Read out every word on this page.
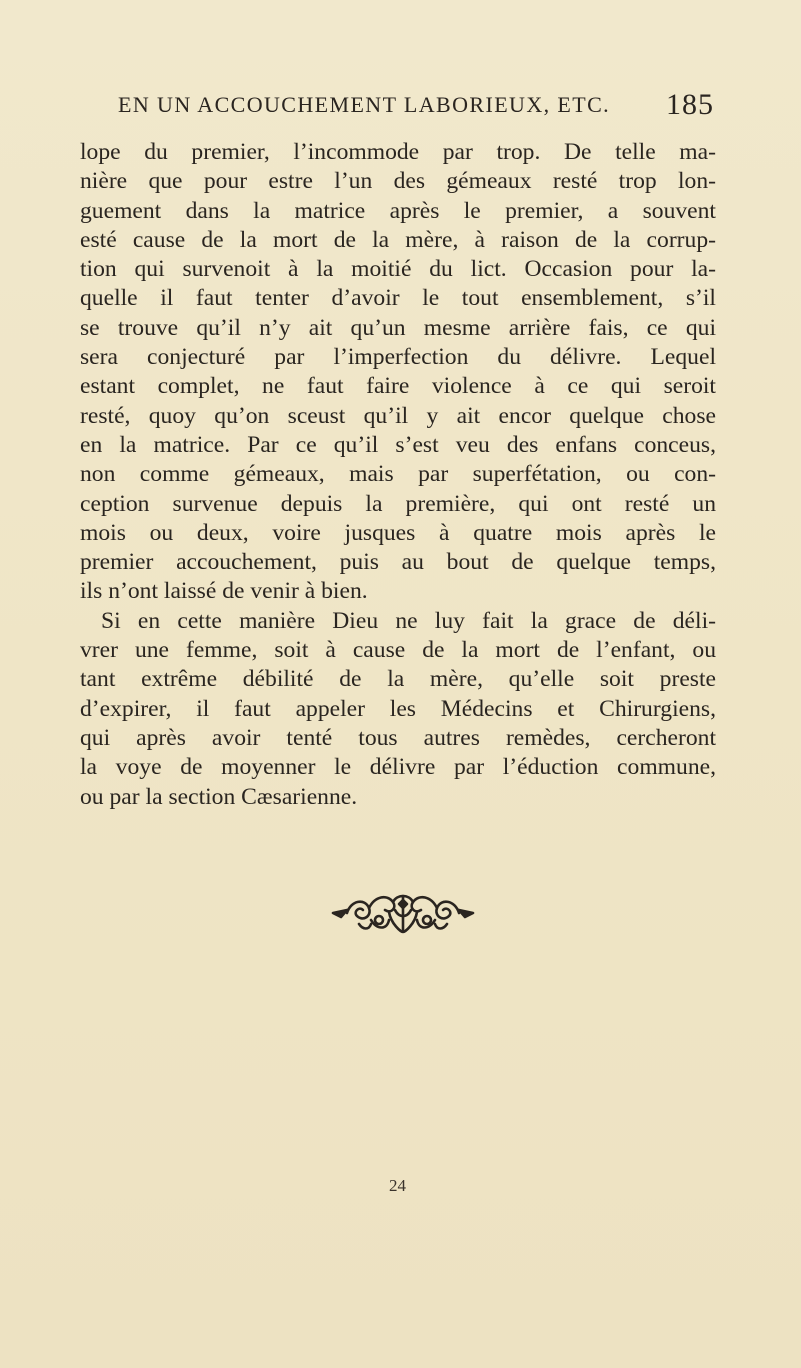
EN UN ACCOUCHEMENT LABORIEUX, ETC. 185
lope du premier, l’incommode par trop. De telle ma-
nière que pour estre l’un des gémeaux resté trop lon-
guement dans la matrice après le premier, a souvent
esté cause de la mort de la mère, à raison de la corrup-
tion qui survenoit à la moitié du lict. Occasion pour la-
quelle il faut tenter d’avoir le tout ensemblement, s’il
se trouve qu’il n’y ait qu’un mesme arrière fais, ce qui
sera conjecturé par l’imperfection du délivre. Lequel
estant complet, ne faut faire violence à ce qui seroit
resté, quoy qu’on sceust qu’il y ait encor quelque chose
en la matrice. Par ce qu’il s’est veu des enfans conceus,
non comme gémeaux, mais par superfétation, ou con-
ception survenue depuis la première, qui ont resté un
mois ou deux, voire jusques à quatre mois après le
premier accouchement, puis au bout de quelque temps,
ils n’ont laissé de venir à bien.
Si en cette manière Dieu ne luy fait la grace de déli-
vrer une femme, soit à cause de la mort de l’enfant, ou
tant extrême débilité de la mère, qu’elle soit preste
d’expirer, il faut appeler les Médecins et Chirurgiens,
qui après avoir tenté tous autres remèdes, cercheront
la voye de moyenner le délivre par l’éduction commune,
ou par la section Cæsarienne.
24
